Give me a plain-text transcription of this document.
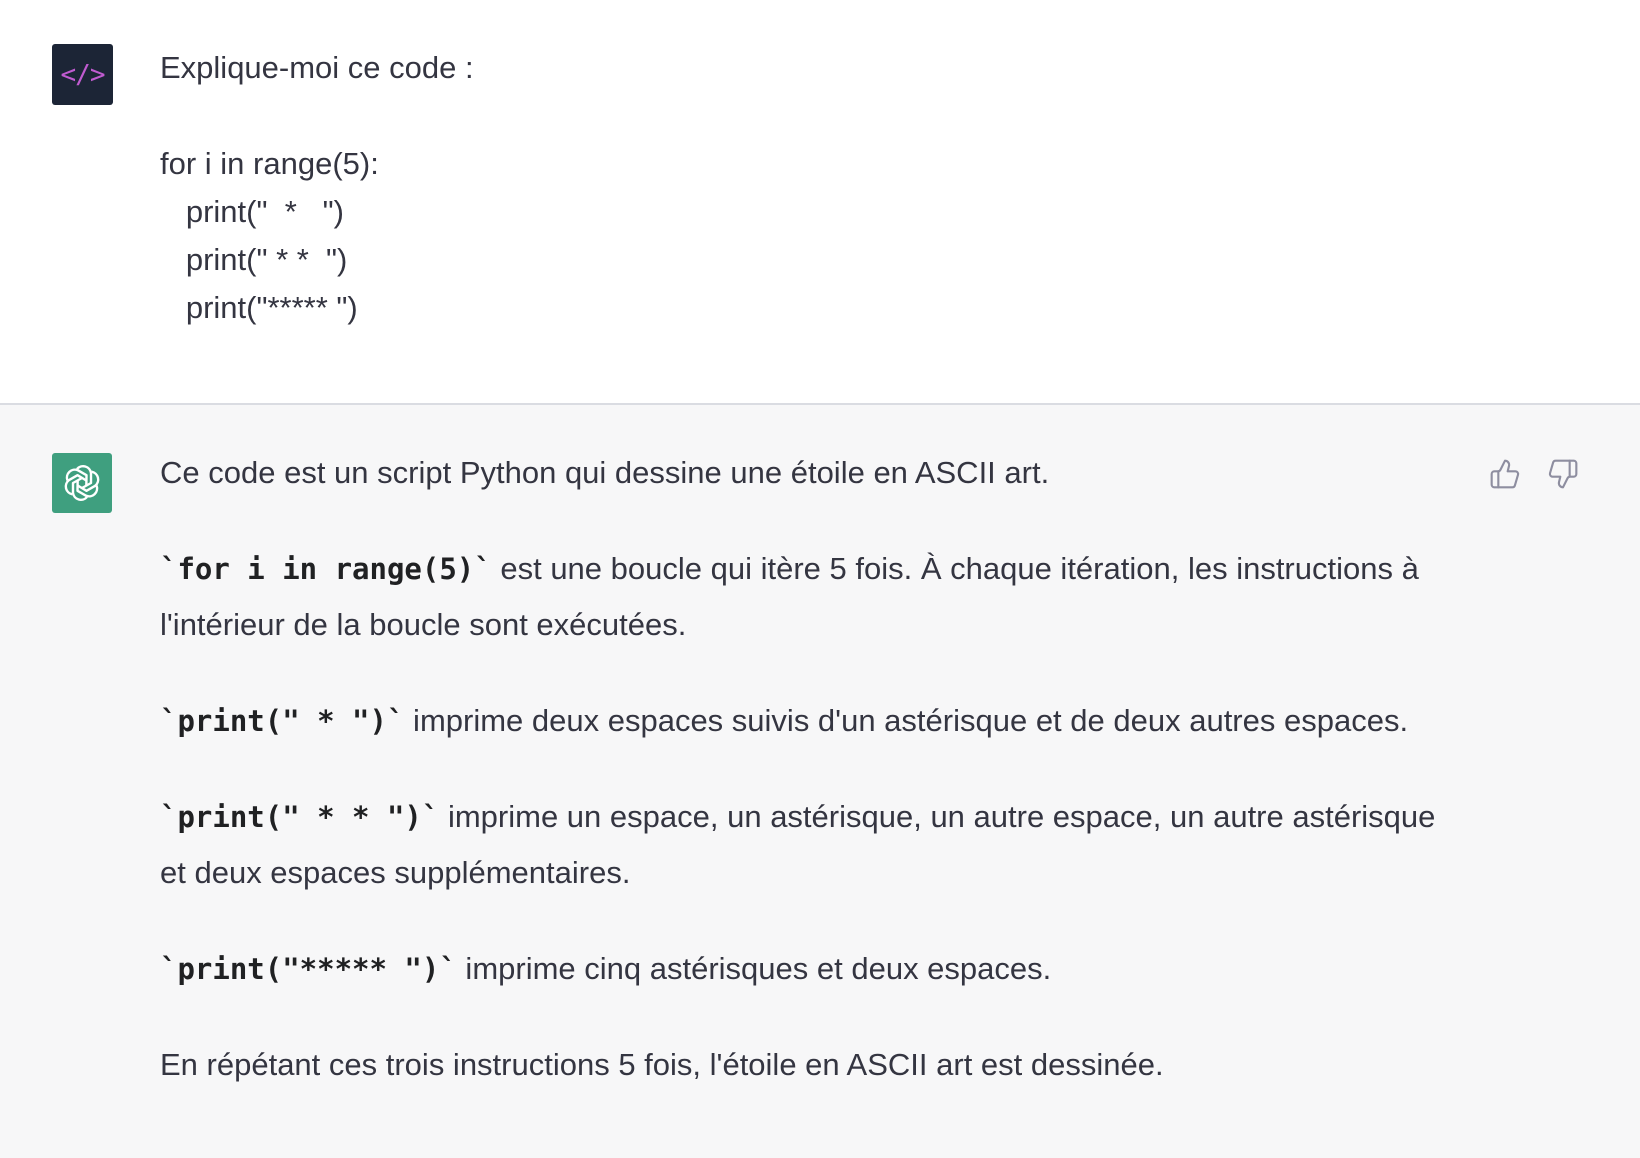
</> Explique-moi ce code :
for i in range(5):
print("  *   ")
print(" * *  ")
print("***** ")

Ce code est un script Python qui dessine une étoile en ASCII art.

`for i in range(5)` est une boucle qui itère 5 fois. À chaque itération, les instructions à l'intérieur de la boucle sont exécutées.

`print(" * ")` imprime deux espaces suivis d'un astérisque et de deux autres espaces.

`print(" * * ")` imprime un espace, un astérisque, un autre espace, un autre astérisque et deux espaces supplémentaires.

`print("***** ")` imprime cinq astérisques et deux espaces.

En répétant ces trois instructions 5 fois, l'étoile en ASCII art est dessinée.
